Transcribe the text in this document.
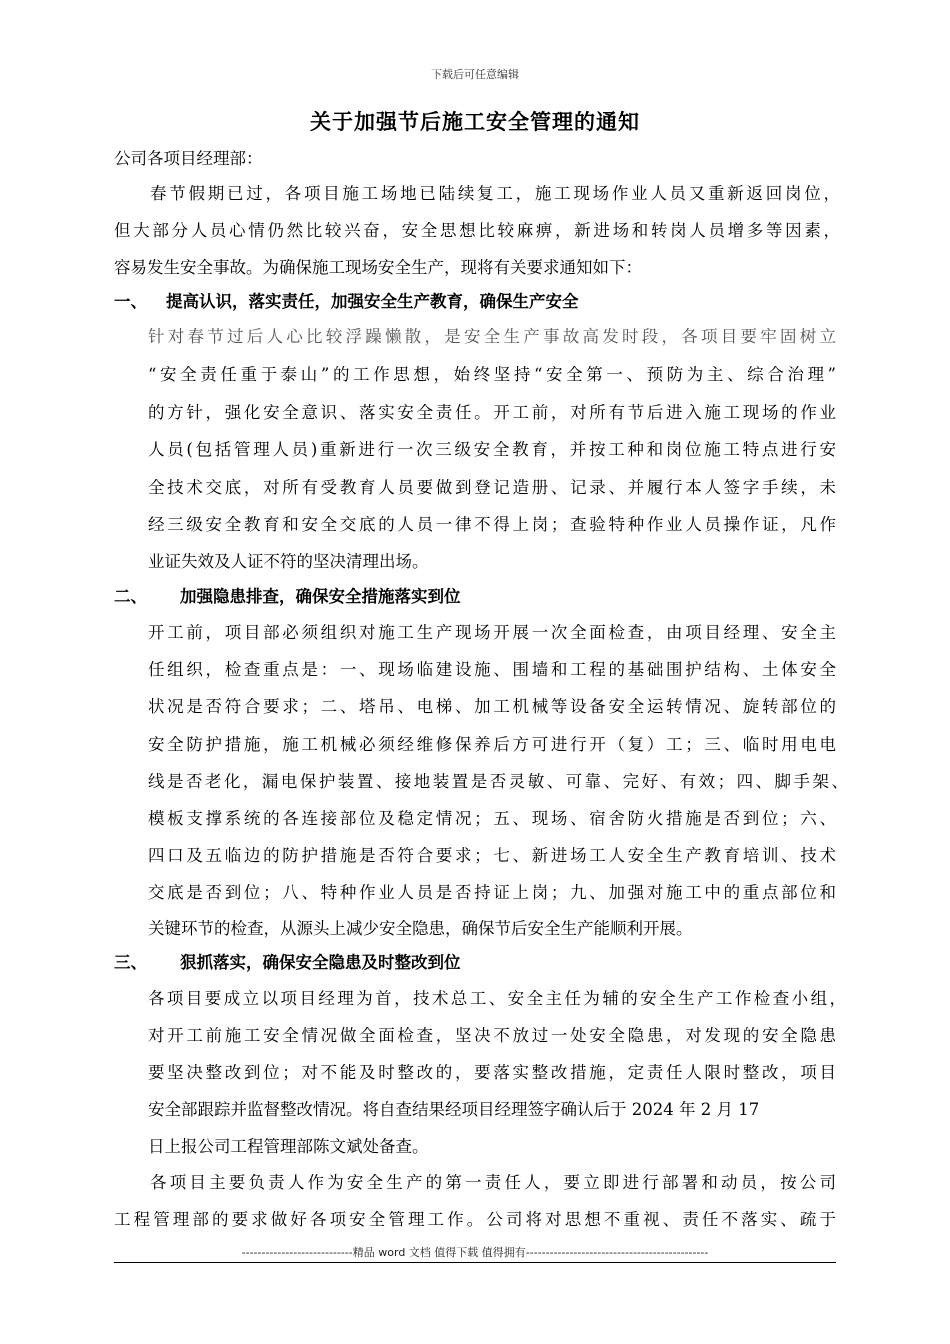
下载后可任意编辑
关于加强节后施工安全管理的通知
公司各项目经理部：
春节假期已过，各项目施工场地已陆续复工，施工现场作业人员又重新返回岗位，
但大部分人员心情仍然比较兴奋，安全思想比较麻痹，新进场和转岗人员增多等因素，
容易发生安全事故。为确保施工现场安全生产，现将有关要求通知如下：
一、 提高认识，落实责任，加强安全生产教育，确保生产安全
针对春节过后人心比较浮躁懒散，是安全生产事故高发时段，各项目要牢固树立
“安全责任重于泰山”的工作思想，始终坚持“安全第一、预防为主、综合治理”
的方针，强化安全意识、落实安全责任。开工前，对所有节后进入施工现场的作业
人员(包括管理人员)重新进行一次三级安全教育，并按工种和岗位施工特点进行安
全技术交底，对所有受教育人员要做到登记造册、记录、并履行本人签字手续，未
经三级安全教育和安全交底的人员一律不得上岗；查验特种作业人员操作证，凡作
业证失效及人证不符的坚决清理出场。
二、 加强隐患排查，确保安全措施落实到位
开工前，项目部必须组织对施工生产现场开展一次全面检查，由项目经理、安全主
任组织，检查重点是：一、现场临建设施、围墙和工程的基础围护结构、土体安全
状况是否符合要求；二、塔吊、电梯、加工机械等设备安全运转情况、旋转部位的
安全防护措施，施工机械必须经维修保养后方可进行开（复）工；三、临时用电电
线是否老化，漏电保护装置、接地装置是否灵敏、可靠、完好、有效；四、脚手架、
模板支撑系统的各连接部位及稳定情况；五、现场、宿舍防火措施是否到位；六、
四口及五临边的防护措施是否符合要求；七、新进场工人安全生产教育培训、技术
交底是否到位；八、特种作业人员是否持证上岗；九、加强对施工中的重点部位和
关键环节的检查，从源头上减少安全隐患，确保节后安全生产能顺利开展。
三、 狠抓落实，确保安全隐患及时整改到位
各项目要成立以项目经理为首，技术总工、安全主任为辅的安全生产工作检查小组，
对开工前施工安全情况做全面检查，坚决不放过一处安全隐患，对发现的安全隐患
要坚决整改到位；对不能及时整改的，要落实整改措施，定责任人限时整改，项目
安全部跟踪并监督整改情况。将自查结果经项目经理签字确认后于 2024 年 2 月 17
日上报公司工程管理部陈文斌处备查。
各项目主要负责人作为安全生产的第一责任人，要立即进行部署和动员，按公司
工程管理部的要求做好各项安全管理工作。公司将对思想不重视、责任不落实、疏于
----------------------------精品 word 文档 值得下载 值得拥有----------------------------------------------
